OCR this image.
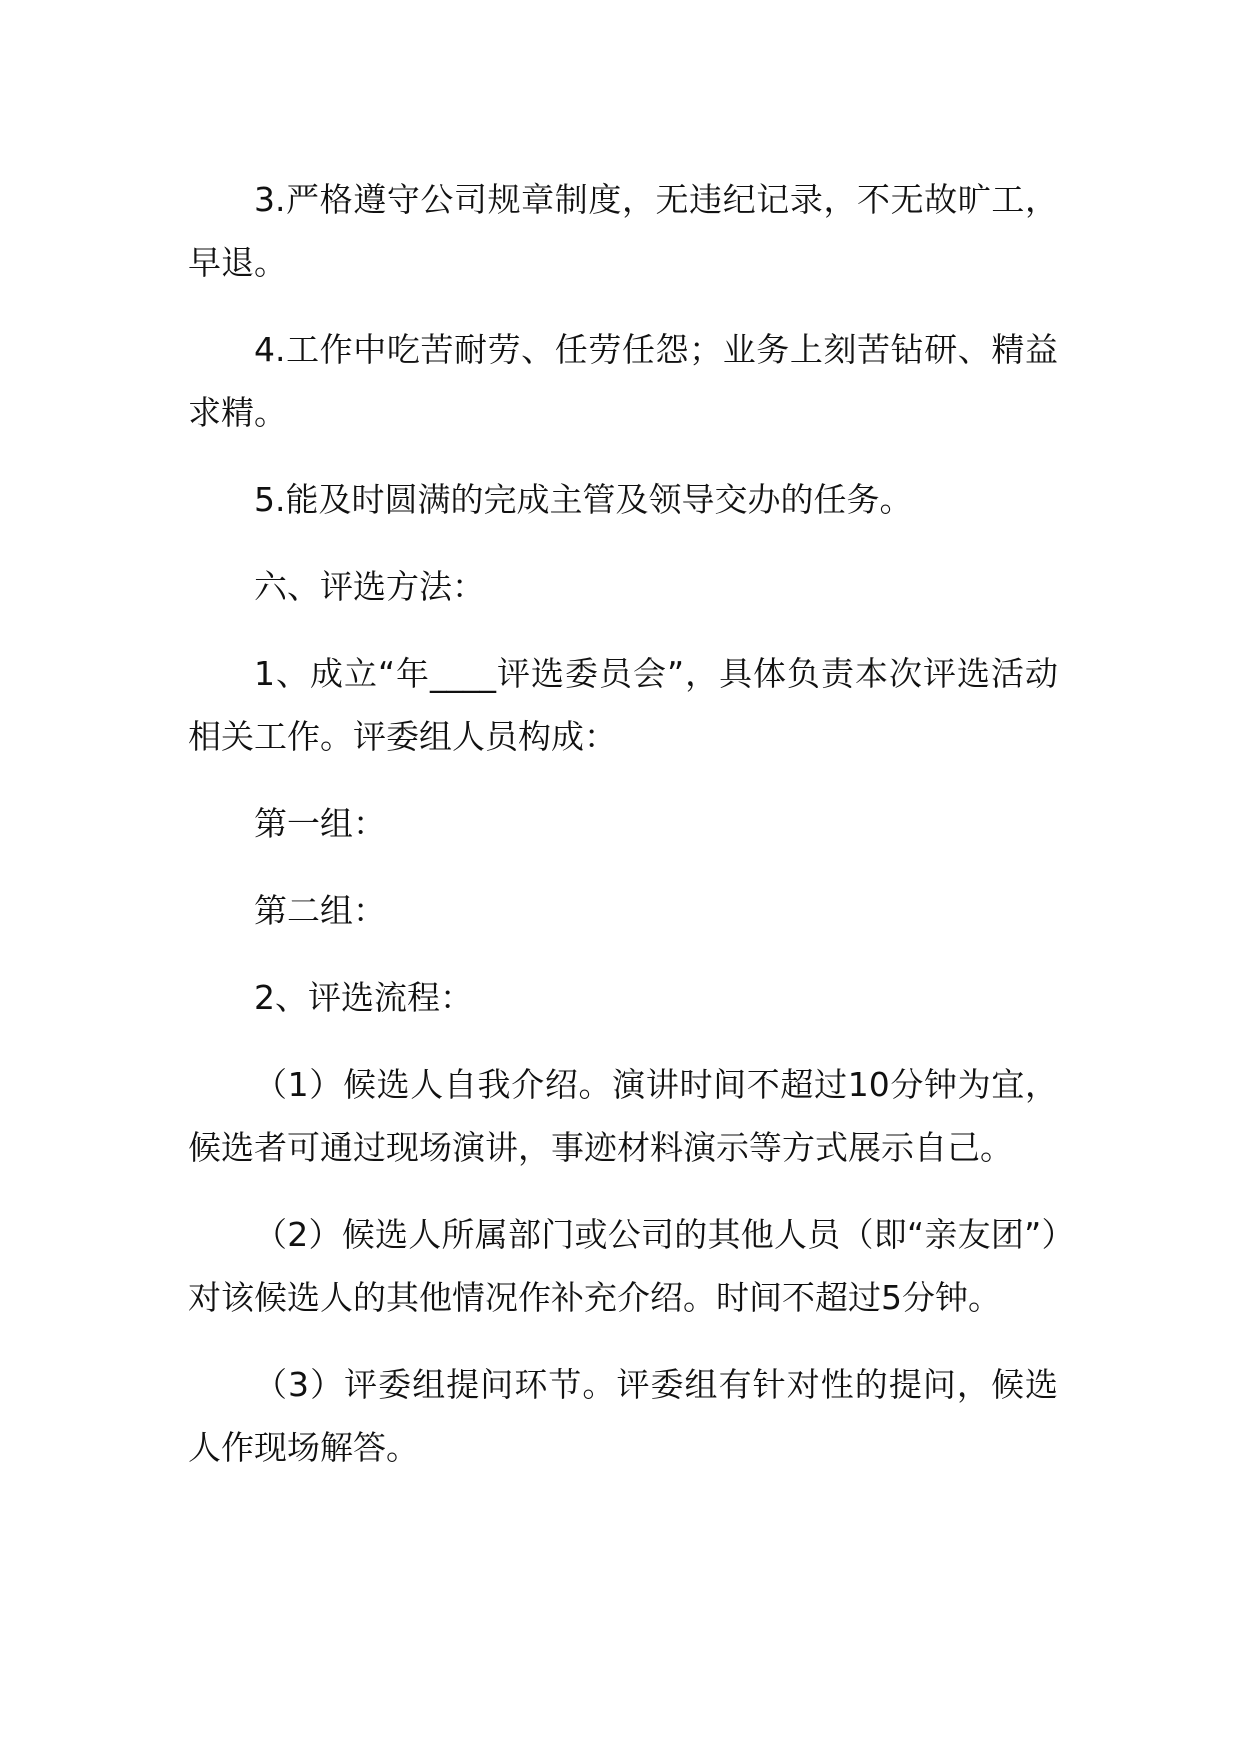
3.严格遵守公司规章制度，无违纪记录，不无故旷工，早退。

4.工作中吃苦耐劳、任劳任怨；业务上刻苦钻研、精益求精。

5.能及时圆满的完成主管及领导交办的任务。

六、评选方法：

1、成立“年____评选委员会”，具体负责本次评选活动相关工作。评委组人员构成：

第一组：

第二组：

2、评选流程：

（1）候选人自我介绍。演讲时间不超过10分钟为宜，候选者可通过现场演讲，事迹材料演示等方式展示自己。

（2）候选人所属部门或公司的其他人员（即“亲友团”）对该候选人的其他情况作补充介绍。时间不超过5分钟。

（3）评委组提问环节。评委组有针对性的提问，候选人作现场解答。
